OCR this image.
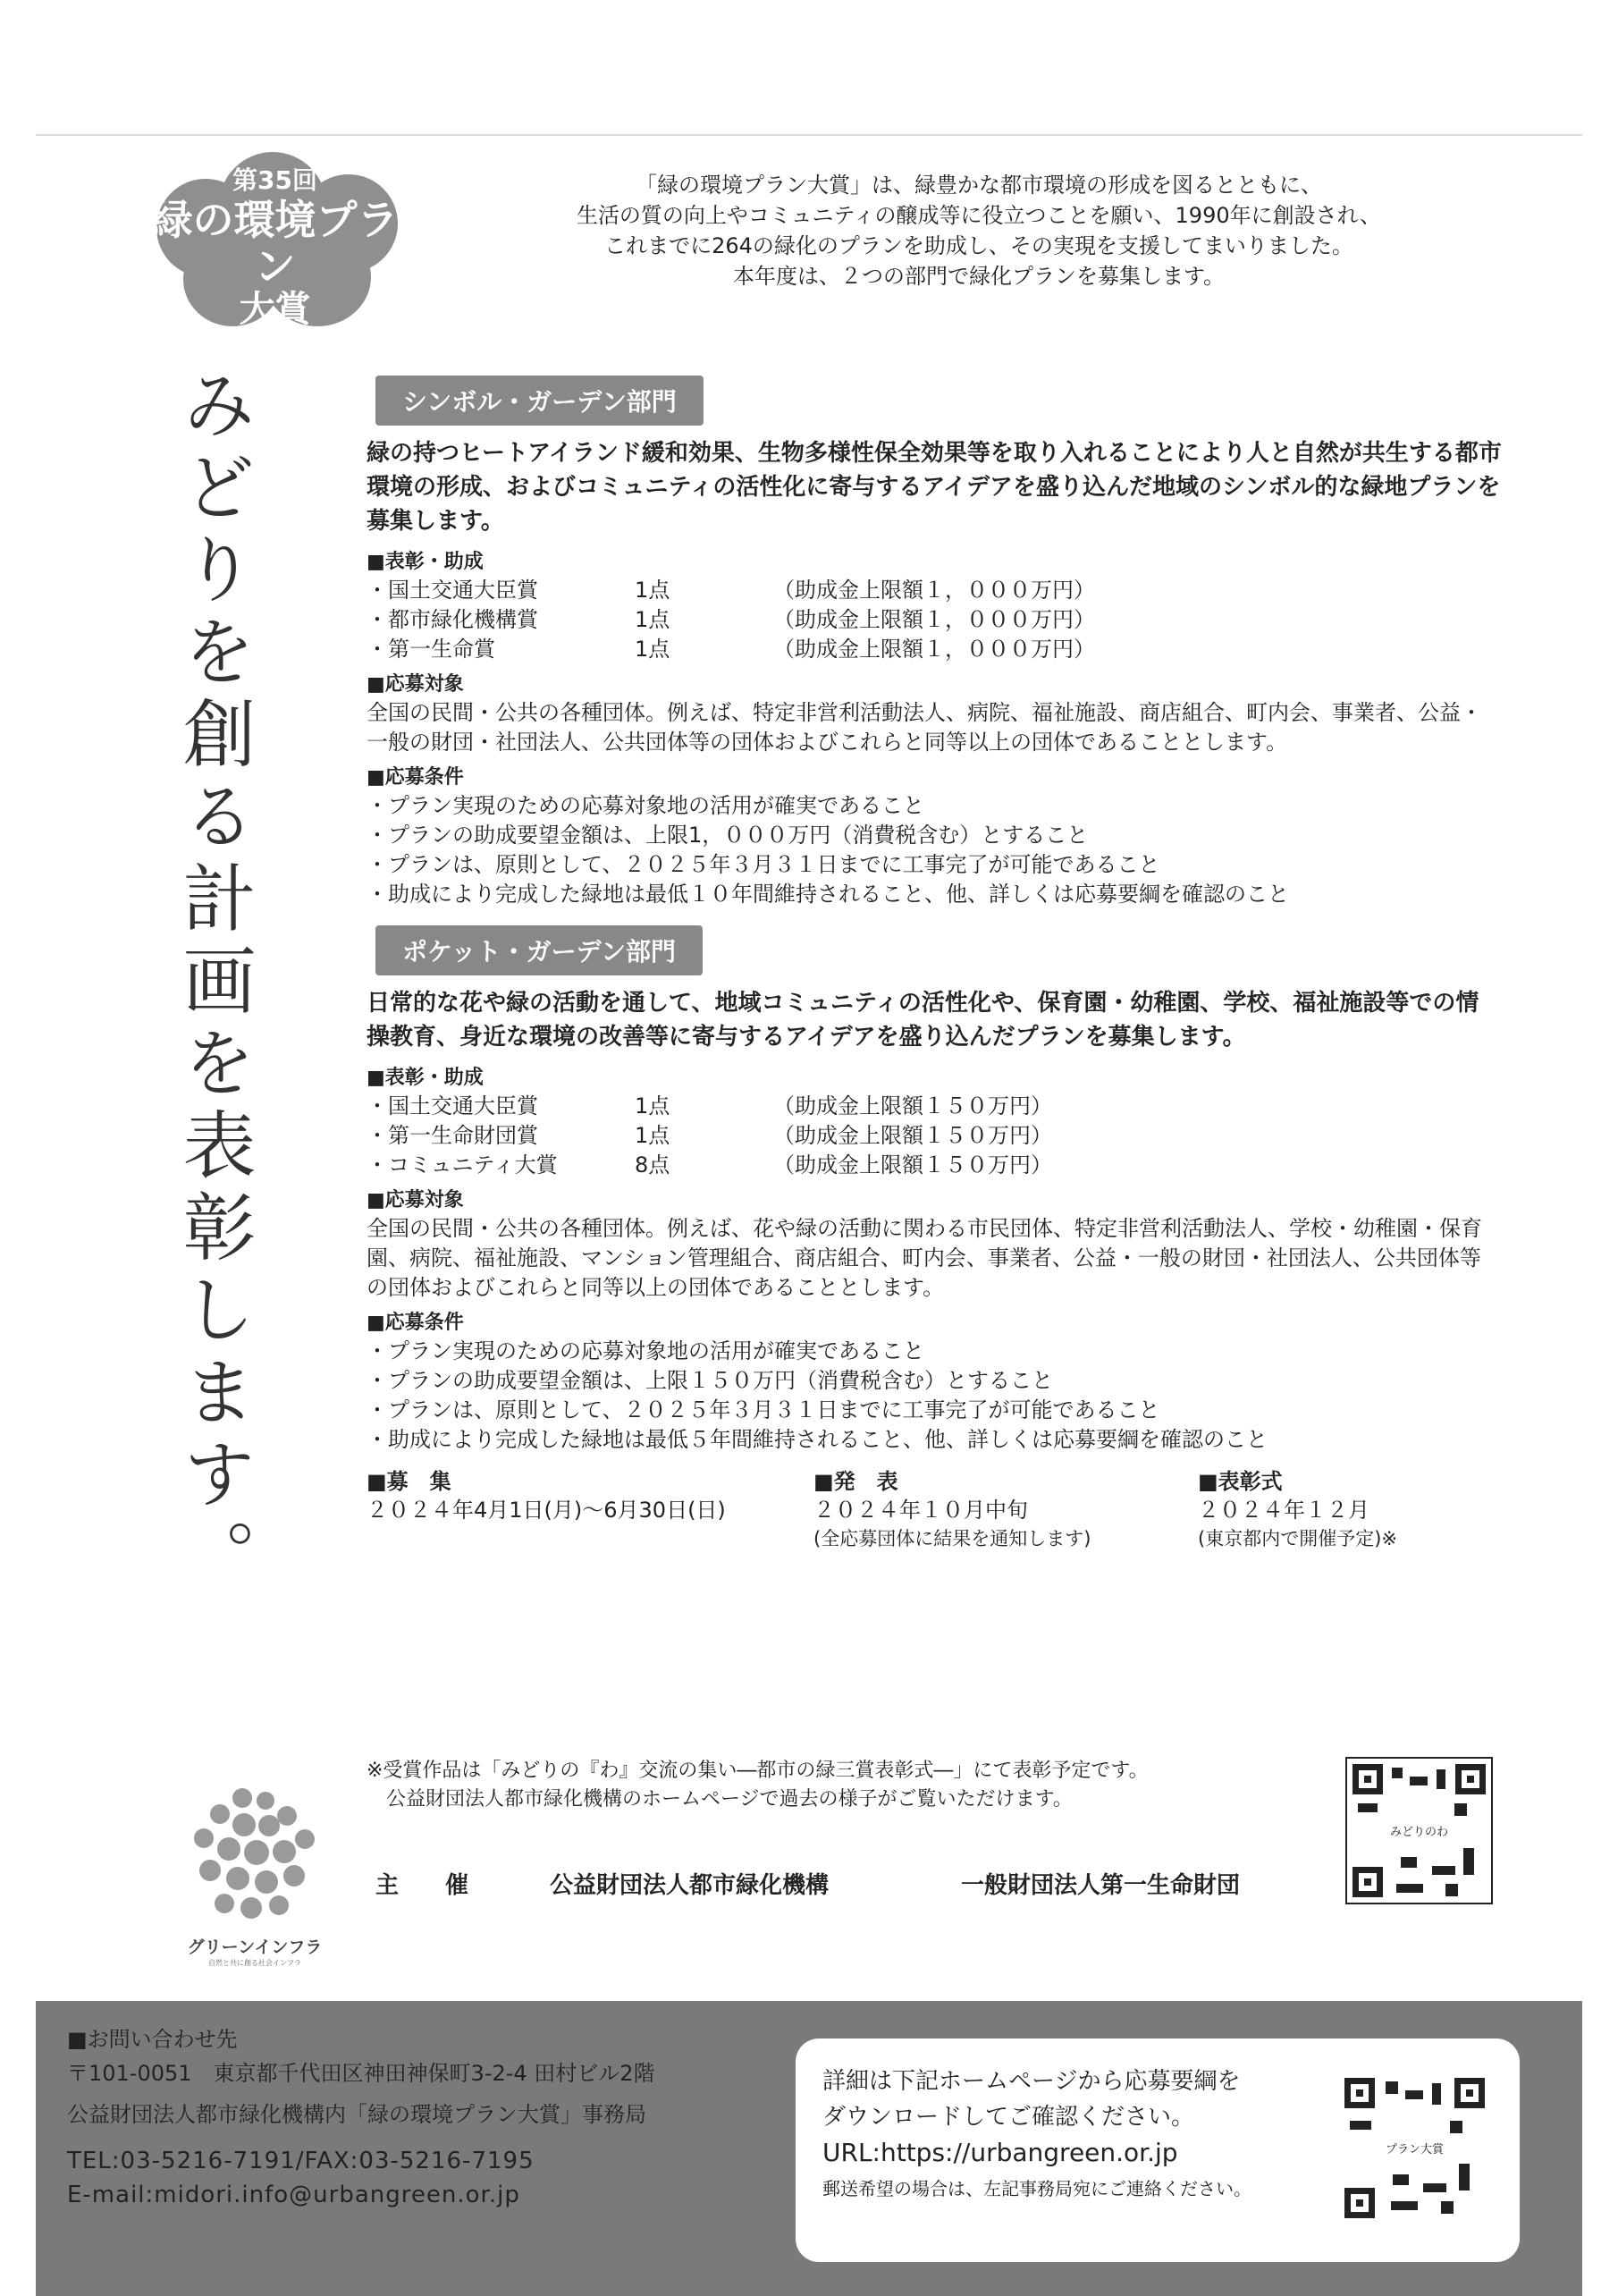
第35回
緑の環境プラン
大賞
「緑の環境プラン大賞」は、緑豊かな都市環境の形成を図るとともに、
生活の質の向上やコミュニティの醸成等に役立つことを願い、1990年に創設され、
これまでに264の緑化のプランを助成し、その実現を支援してまいりました。
本年度は、２つの部門で緑化プランを募集します。
みどりを創る計画を表彰します。	シンボル・ガーデン部門
緑の持つヒートアイランド緩和効果、生物多様性保全効果等を取り入れることにより人と自然が共生する都市環境の形成、およびコミュニティの活性化に寄与するアイデアを盛り込んだ地域のシンボル的な緑地プランを募集します。
■表彰・助成
・国土交通大臣賞	1点	（助成金上限額１，０００万円）
・都市緑化機構賞	1点	（助成金上限額１，０００万円）
・第一生命賞	1点	（助成金上限額１，０００万円）
■応募対象
全国の民間・公共の各種団体。例えば、特定非営利活動法人、病院、福祉施設、商店組合、町内会、事業者、公益・一般の財団・社団法人、公共団体等の団体およびこれらと同等以上の団体であることとします。
■応募条件
・プラン実現のための応募対象地の活用が確実であること
・プランの助成要望金額は、上限1，０００万円（消費税含む）とすること
・プランは、原則として、２０２５年３月３１日までに工事完了が可能であること
・助成により完成した緑地は最低１０年間維持されること、他、詳しくは応募要綱を確認のこと
ポケット・ガーデン部門
日常的な花や緑の活動を通して、地域コミュニティの活性化や、保育園・幼稚園、学校、福祉施設等での情操教育、身近な環境の改善等に寄与するアイデアを盛り込んだプランを募集します。
■表彰・助成
・国土交通大臣賞	1点	（助成金上限額１５０万円）
・第一生命財団賞	1点	（助成金上限額１５０万円）
・コミュニティ大賞	8点	（助成金上限額１５０万円）
■応募対象
全国の民間・公共の各種団体。例えば、花や緑の活動に関わる市民団体、特定非営利活動法人、学校・幼稚園・保育園、病院、福祉施設、マンション管理組合、商店組合、町内会、事業者、公益・一般の財団・社団法人、公共団体等の団体およびこれらと同等以上の団体であることとします。
■応募条件
・プラン実現のための応募対象地の活用が確実であること
・プランの助成要望金額は、上限１５０万円（消費税含む）とすること
・プランは、原則として、２０２５年３月３１日までに工事完了が可能であること
・助成により完成した緑地は最低５年間維持されること、他、詳しくは応募要綱を確認のこと
■募　集
２０２４年4月1日(月)～6月30日(日)
■発　表
２０２４年１０月中旬
(全応募団体に結果を通知します)
■表彰式
２０２４年１２月
(東京都内で開催予定)※
※受賞作品は「みどりの『わ』交流の集い―都市の緑三賞表彰式―」にて表彰予定です。
　公益財団法人都市緑化機構のホームページで過去の様子がご覧いただけます。
みどりのわ
グリーンインフラ
自然と共に創る社会インフラ
主　　催	公益財団法人都市緑化機構	一般財団法人第一生命財団
■お問い合わせ先
〒101-0051　東京都千代田区神田神保町3-2-4 田村ビル2階
公益財団法人都市緑化機構内「緑の環境プラン大賞」事務局
TEL:03-5216-7191/FAX:03-5216-7195
E-mail:midori.info@urbangreen.or.jp
詳細は下記ホームページから応募要綱を
ダウンロードしてご確認ください。
URL:https://urbangreen.or.jp
郵送希望の場合は、左記事務局宛にご連絡ください。
プラン大賞
